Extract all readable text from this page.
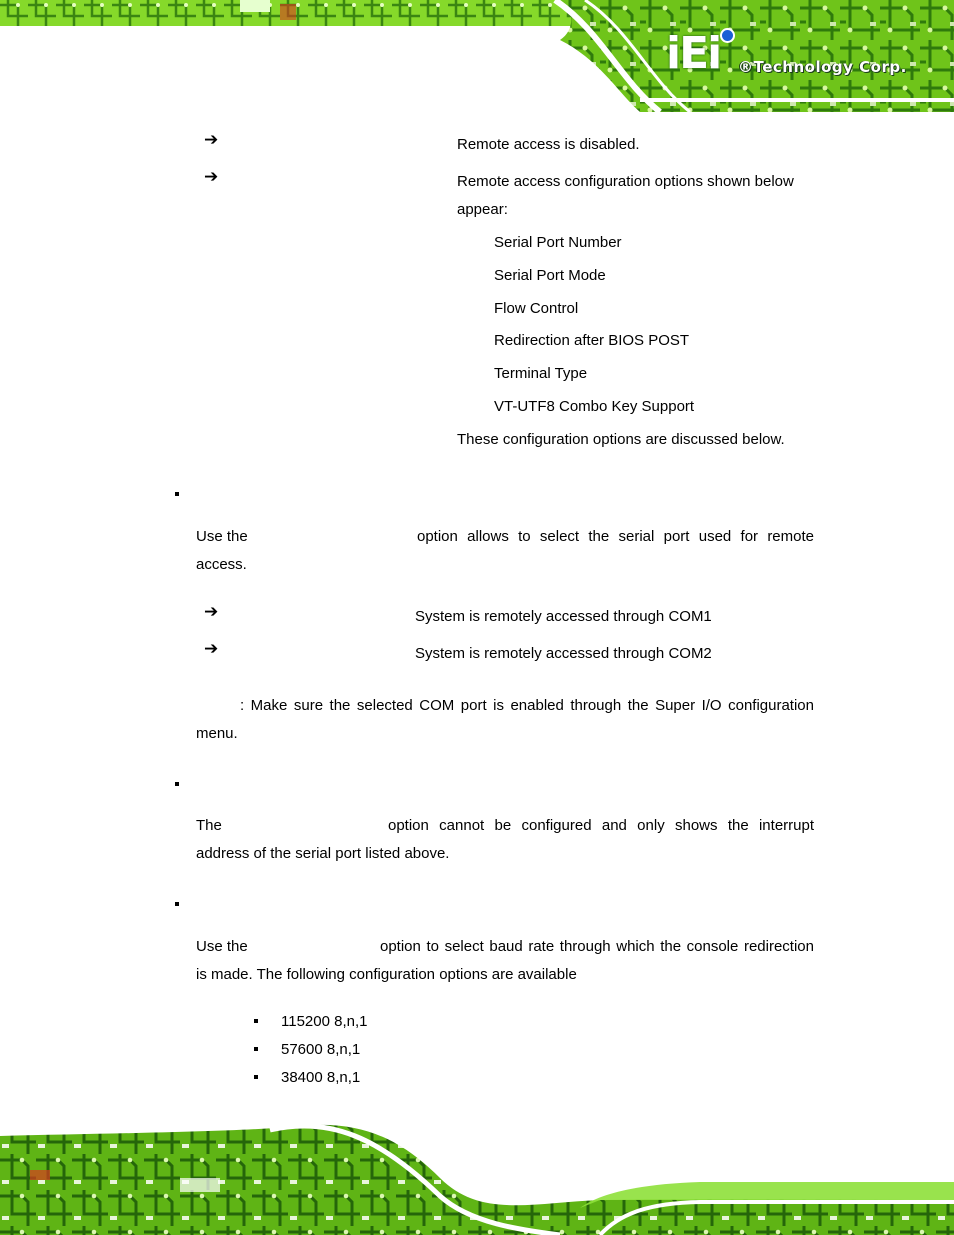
iEi ®Technology Corp.
➔	Remote access is disabled.
➔	Remote access configuration options shown below
appear:
Serial Port Number
Serial Port Mode
Flow Control
Redirection after BIOS POST
Terminal Type
VT-UTF8 Combo Key Support
These configuration options are discussed below.
Use the	option allows to select the serial port used for remote
access.
➔	System is remotely accessed through COM1
➔	System is remotely accessed through COM2
: Make sure the selected COM port is enabled through the Super I/O configuration
menu.
The	option cannot be configured and only shows the interrupt
address of the serial port listed above.
Use the	option to select baud rate through which the console redirection
is made. The following configuration options are available
115200 8,n,1
57600 8,n,1
38400 8,n,1
